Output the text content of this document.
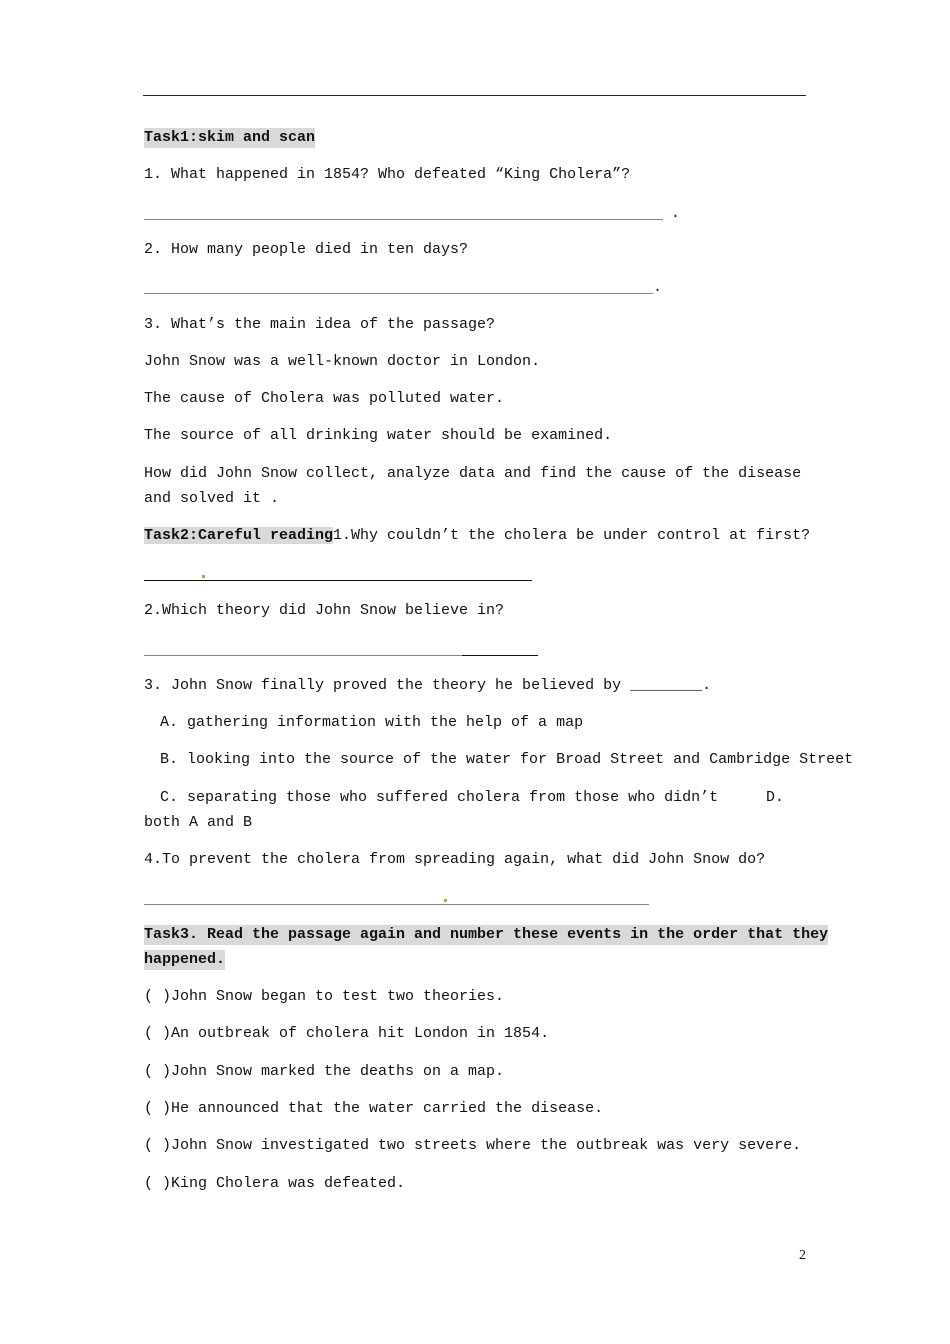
Task1:skim and scan
1. What happened in 1854? Who defeated “King Cholera”?
.
2. How many people died in ten days?
.
3. What’s the main idea of the passage?
John Snow was a well-known doctor in London.
The cause of Cholera was polluted water.
The source of all drinking water should be examined.
How did John Snow collect, analyze data and find the cause of the disease and solved it .
Task2:Careful reading1.Why couldn’t the cholera be under control at first?
2.Which theory did John Snow believe in?
3. John Snow finally proved the theory he believed by ________.
A. gathering information with the help of a map
B. looking into the source of the water for Broad Street and Cambridge Street
C. separating those who suffered cholera from those who didn’t	D.
both A and B
4.To prevent the cholera from spreading again, what did John Snow do?
Task3. Read the passage again and number these events in the order that they
happened.
( )John Snow began to test two theories.
( )An outbreak of cholera hit London in 1854.
( )John Snow marked the deaths on a map.
( )He announced that the water carried the disease.
( )John Snow investigated two streets where the outbreak was very severe.
( )King Cholera was defeated.
2
